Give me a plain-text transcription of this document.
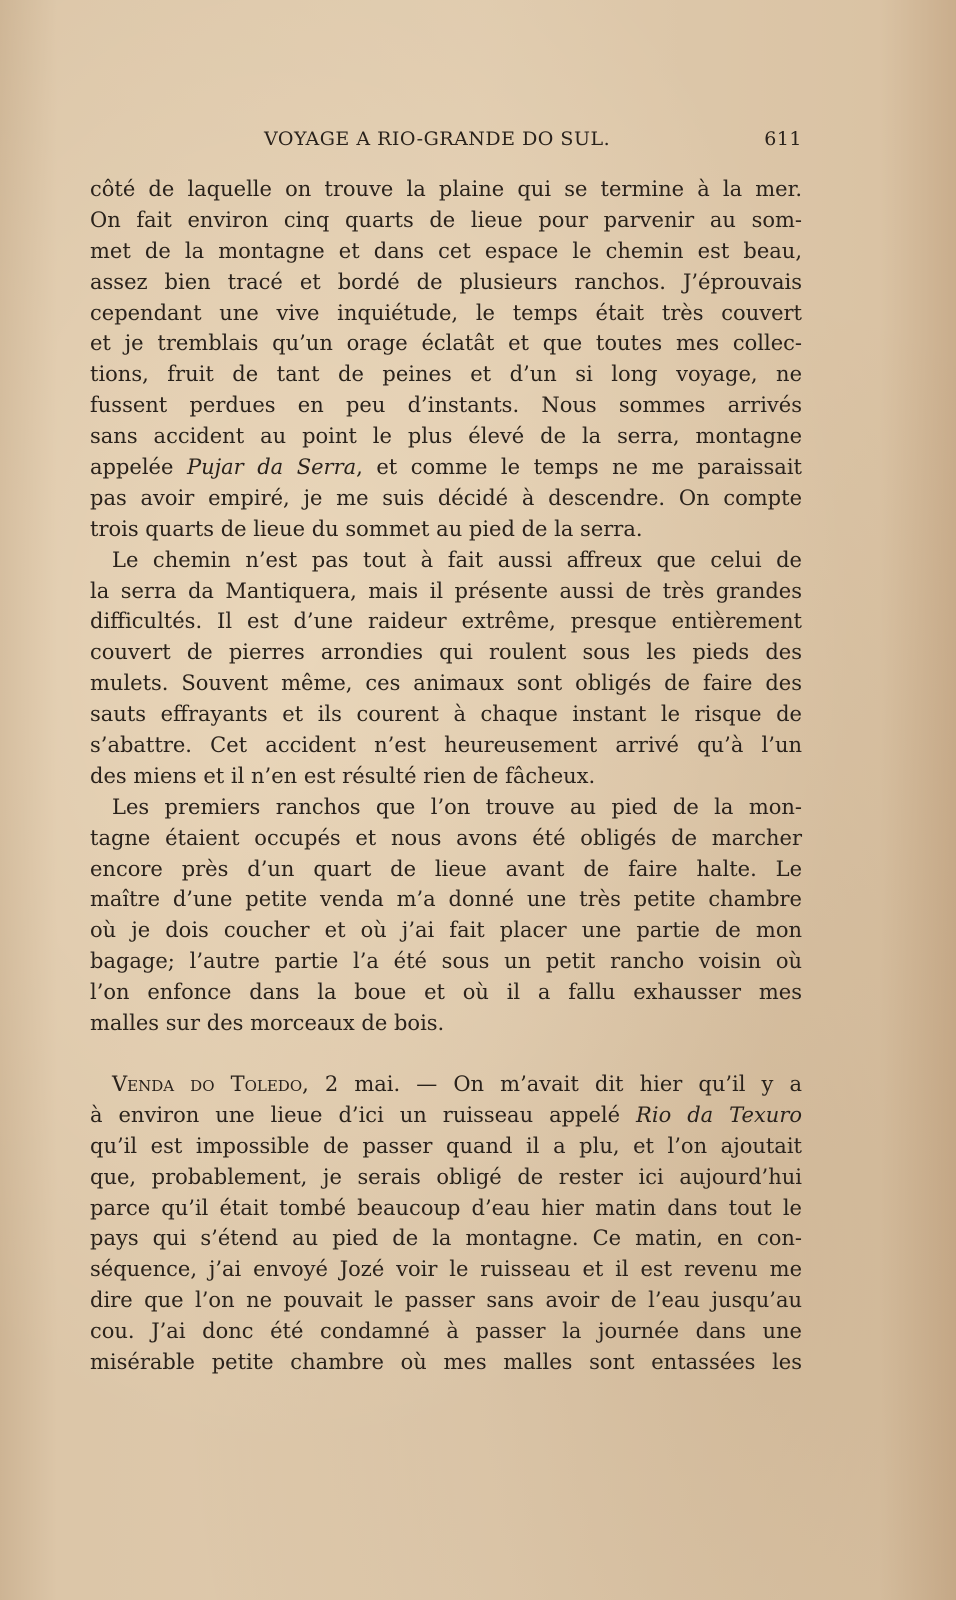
VOYAGE A RIO-GRANDE DO SUL.	611
côté de laquelle on trouve la plaine qui se termine à la mer.
On fait environ cinq quarts de lieue pour parvenir au som-
met de la montagne et dans cet espace le chemin est beau,
assez bien tracé et bordé de plusieurs ranchos. J’éprouvais
cependant une vive inquiétude, le temps était très couvert
et je tremblais qu’un orage éclatât et que toutes mes collec-
tions, fruit de tant de peines et d’un si long voyage, ne
fussent perdues en peu d’instants. Nous sommes arrivés
sans accident au point le plus élevé de la serra, montagne
appelée Pujar da Serra, et comme le temps ne me paraissait
pas avoir empiré, je me suis décidé à descendre. On compte
trois quarts de lieue du sommet au pied de la serra.
Le chemin n’est pas tout à fait aussi affreux que celui de
la serra da Mantiquera, mais il présente aussi de très grandes
difficultés. Il est d’une raideur extrême, presque entièrement
couvert de pierres arrondies qui roulent sous les pieds des
mulets. Souvent même, ces animaux sont obligés de faire des
sauts effrayants et ils courent à chaque instant le risque de
s’abattre. Cet accident n’est heureusement arrivé qu’à l’un
des miens et il n’en est résulté rien de fâcheux.
Les premiers ranchos que l’on trouve au pied de la mon-
tagne étaient occupés et nous avons été obligés de marcher
encore près d’un quart de lieue avant de faire halte. Le
maître d’une petite venda m’a donné une très petite chambre
où je dois coucher et où j’ai fait placer une partie de mon
bagage; l’autre partie l’a été sous un petit rancho voisin où
l’on enfonce dans la boue et où il a fallu exhausser mes
malles sur des morceaux de bois.
Venda do Toledo, 2 mai. — On m’avait dit hier qu’il y a
à environ une lieue d’ici un ruisseau appelé Rio da Texuro
qu’il est impossible de passer quand il a plu, et l’on ajoutait
que, probablement, je serais obligé de rester ici aujourd’hui
parce qu’il était tombé beaucoup d’eau hier matin dans tout le
pays qui s’étend au pied de la montagne. Ce matin, en con-
séquence, j’ai envoyé Jozé voir le ruisseau et il est revenu me
dire que l’on ne pouvait le passer sans avoir de l’eau jusqu’au
cou. J’ai donc été condamné à passer la journée dans une
misérable petite chambre où mes malles sont entassées les
